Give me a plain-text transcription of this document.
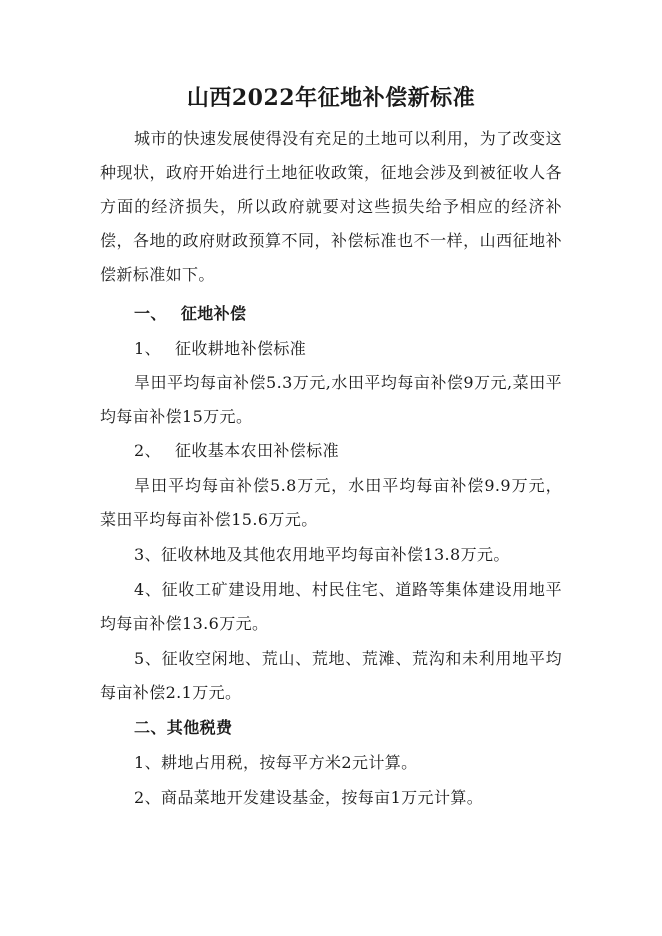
山西2022年征地补偿新标准
城市的快速发展使得没有充足的土地可以利用，为了改变这种现状，政府开始进行土地征收政策，征地会涉及到被征收人各方面的经济损失，所以政府就要对这些损失给予相应的经济补偿，各地的政府财政预算不同，补偿标准也不一样，山西征地补偿新标准如下。
一、 征地补偿
1、 征收耕地补偿标准
旱田平均每亩补偿5.3万元,水田平均每亩补偿9万元,菜田平均每亩补偿15万元。
2、 征收基本农田补偿标准
旱田平均每亩补偿5.8万元，水田平均每亩补偿9.9万元，菜田平均每亩补偿15.6万元。
3、征收林地及其他农用地平均每亩补偿13.8万元。
4、征收工矿建设用地、村民住宅、道路等集体建设用地平均每亩补偿13.6万元。
5、征收空闲地、荒山、荒地、荒滩、荒沟和未利用地平均每亩补偿2.1万元。
二、其他税费
1、耕地占用税，按每平方米2元计算。
2、商品菜地开发建设基金，按每亩1万元计算。
